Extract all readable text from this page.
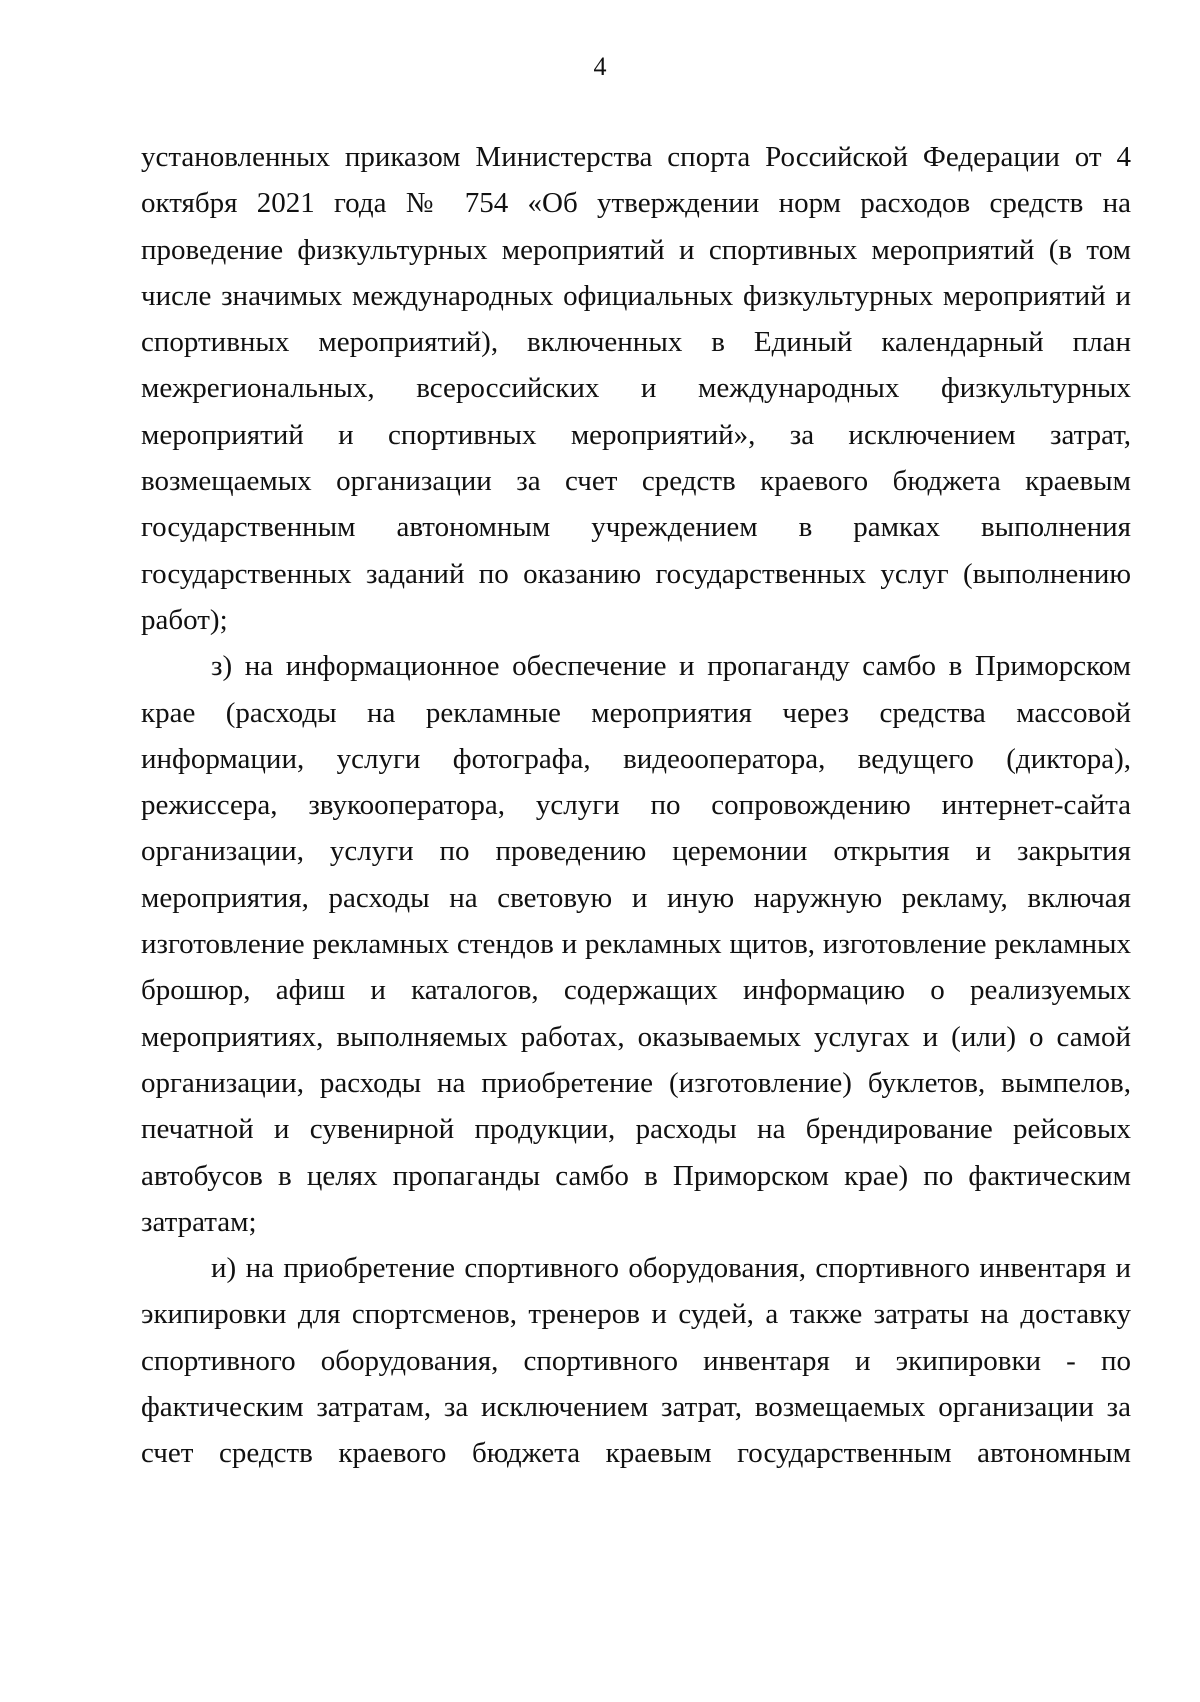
4

установленных приказом Министерства спорта Российской Федерации от 4 октября 2021 года № 754 «Об утверждении норм расходов средств на проведение физкультурных мероприятий и спортивных мероприятий (в том числе значимых международных официальных физкультурных мероприятий и спортивных мероприятий), включенных в Единый календарный план межрегиональных, всероссийских и международных физкультурных мероприятий и спортивных мероприятий», за исключением затрат, возмещаемых организации за счет средств краевого бюджета краевым государственным автономным учреждением в рамках выполнения государственных заданий по оказанию государственных услуг (выполнению работ);

з) на информационное обеспечение и пропаганду самбо в Приморском крае (расходы на рекламные мероприятия через средства массовой информации, услуги фотографа, видеооператора, ведущего (диктора), режиссера, звукооператора, услуги по сопровождению интернет-сайта организации, услуги по проведению церемонии открытия и закрытия мероприятия, расходы на световую и иную наружную рекламу, включая изготовление рекламных стендов и рекламных щитов, изготовление рекламных брошюр, афиш и каталогов, содержащих информацию о реализуемых мероприятиях, выполняемых работах, оказываемых услугах и (или) о самой организации, расходы на приобретение (изготовление) буклетов, вымпелов, печатной и сувенирной продукции, расходы на брендирование рейсовых автобусов в целях пропаганды самбо в Приморском крае) по фактическим затратам;

и) на приобретение спортивного оборудования, спортивного инвентаря и экипировки для спортсменов, тренеров и судей, а также затраты на доставку спортивного оборудования, спортивного инвентаря и экипировки - по фактическим затратам, за исключением затрат, возмещаемых организации за счет средств краевого бюджета краевым государственным автономным
